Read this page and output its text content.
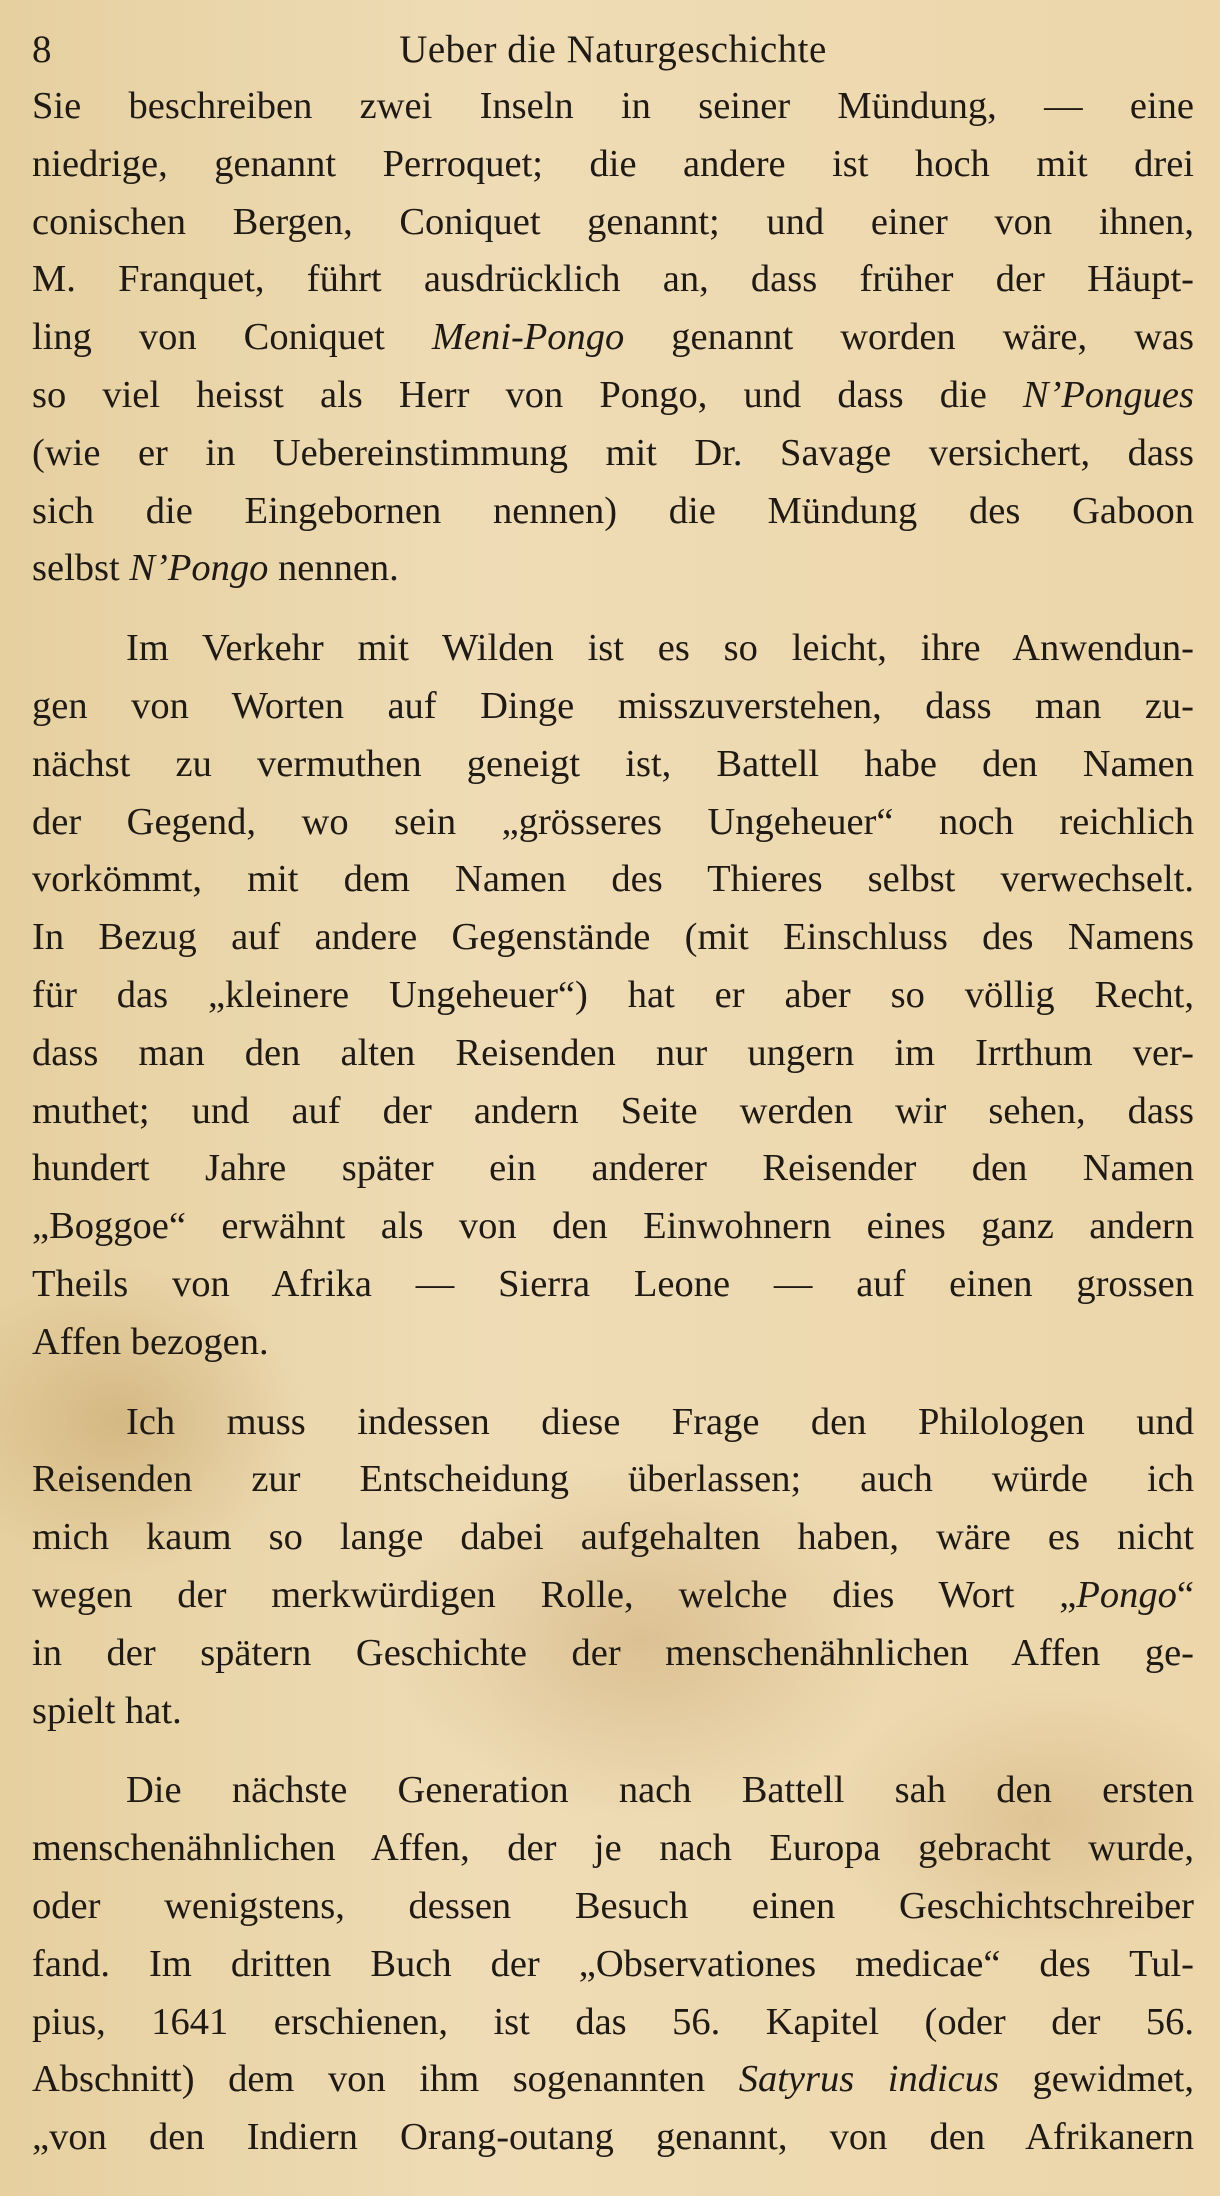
8	Ueber die Naturgeschichte
Sie beschreiben zwei Inseln in seiner Mündung, — eine
niedrige, genannt Perroquet; die andere ist hoch mit drei
conischen Bergen, Coniquet genannt; und einer von ihnen,
M. Franquet, führt ausdrücklich an, dass früher der Häupt-
ling von Coniquet Meni-Pongo genannt worden wäre, was
so viel heisst als Herr von Pongo, und dass die N’Pongues
(wie er in Uebereinstimmung mit Dr. Savage versichert, dass
sich die Eingebornen nennen) die Mündung des Gaboon
selbst N’Pongo nennen.
Im Verkehr mit Wilden ist es so leicht, ihre Anwendun-
gen von Worten auf Dinge misszuverstehen, dass man zu-
nächst zu vermuthen geneigt ist, Battell habe den Namen
der Gegend, wo sein „grösseres Ungeheuer“ noch reichlich
vorkömmt, mit dem Namen des Thieres selbst verwechselt.
In Bezug auf andere Gegenstände (mit Einschluss des Namens
für das „kleinere Ungeheuer“) hat er aber so völlig Recht,
dass man den alten Reisenden nur ungern im Irrthum ver-
muthet; und auf der andern Seite werden wir sehen, dass
hundert Jahre später ein anderer Reisender den Namen
„Boggoe“ erwähnt als von den Einwohnern eines ganz andern
Theils von Afrika — Sierra Leone — auf einen grossen
Affen bezogen.
Ich muss indessen diese Frage den Philologen und
Reisenden zur Entscheidung überlassen; auch würde ich
mich kaum so lange dabei aufgehalten haben, wäre es nicht
wegen der merkwürdigen Rolle, welche dies Wort „Pongo“
in der spätern Geschichte der menschenähnlichen Affen ge-
spielt hat.
Die nächste Generation nach Battell sah den ersten
menschenähnlichen Affen, der je nach Europa gebracht wurde,
oder wenigstens, dessen Besuch einen Geschichtschreiber
fand. Im dritten Buch der „Observationes medicae“ des Tul-
pius, 1641 erschienen, ist das 56. Kapitel (oder der 56.
Abschnitt) dem von ihm sogenannten Satyrus indicus gewidmet,
„von den Indiern Orang-outang genannt, von den Afrikanern
